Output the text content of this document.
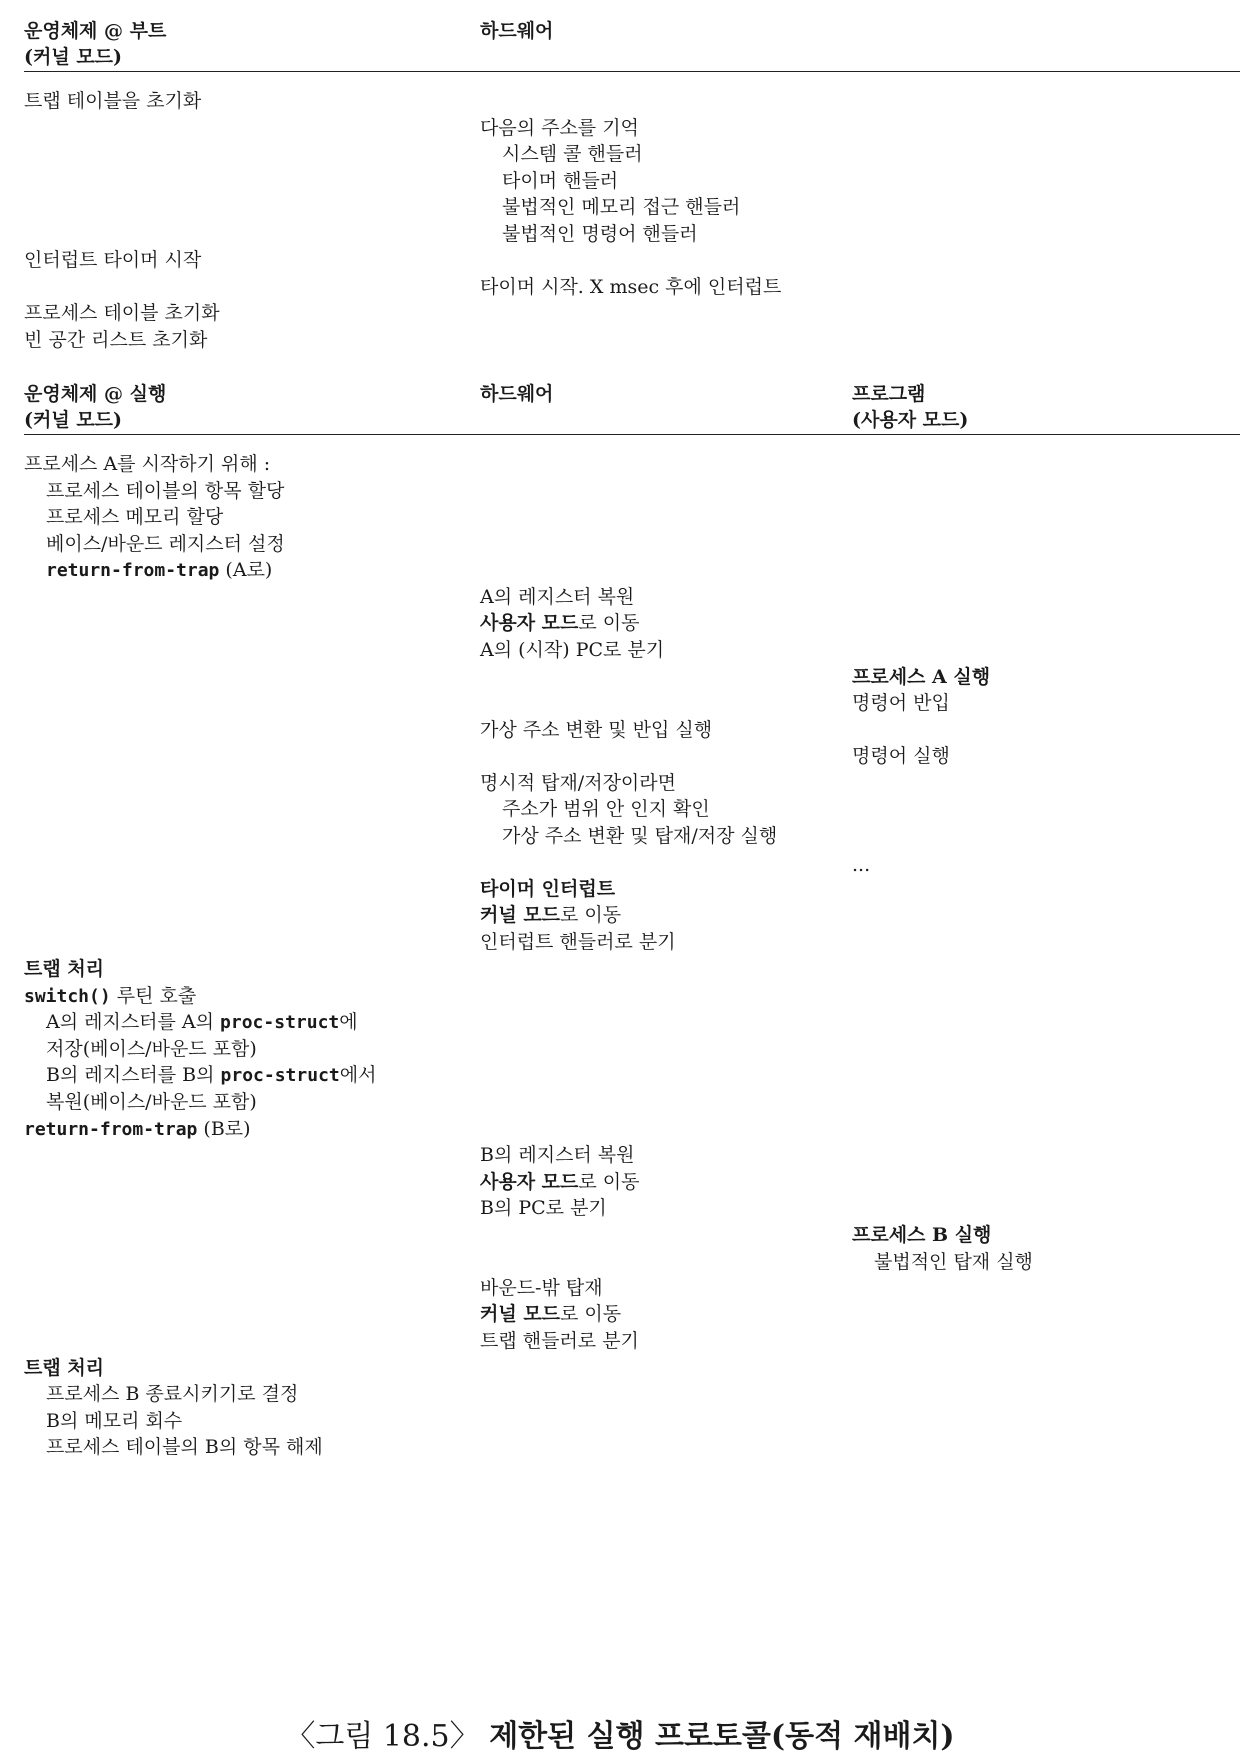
운영체제 @ 부트
(커널 모드)
하드웨어
트랩 테이블을 초기화
다음의 주소를 기억
시스템 콜 핸들러
타이머 핸들러
불법적인 메모리 접근 핸들러
불법적인 명령어 핸들러
인터럽트 타이머 시작
타이머 시작. X msec 후에 인터럽트
프로세스 테이블 초기화
빈 공간 리스트 초기화
운영체제 @ 실행
(커널 모드)
하드웨어	프로그램
(사용자 모드)
프로세스 A를 시작하기 위해 :
프로세스 테이블의 항목 할당
프로세스 메모리 할당
베이스/바운드 레지스터 설정
return-from-trap (A로)
A의 레지스터 복원
사용자 모드로 이동
A의 (시작) PC로 분기
프로세스 A 실행
명령어 반입
가상 주소 변환 및 반입 실행
명령어 실행
명시적 탑재/저장이라면
주소가 범위 안 인지 확인
가상 주소 변환 및 탑재/저장 실행
...
타이머 인터럽트
커널 모드로 이동
인터럽트 핸들러로 분기
트랩 처리
switch() 루틴 호출
A의 레지스터를 A의 proc-struct에
저장(베이스/바운드 포함)
B의 레지스터를 B의 proc-struct에서
복원(베이스/바운드 포함)
return-from-trap (B로)
B의 레지스터 복원
사용자 모드로 이동
B의 PC로 분기
프로세스 B 실행
불법적인 탑재 실행
바운드-밖 탑재
커널 모드로 이동
트랩 핸들러로 분기
트랩 처리
프로세스 B 종료시키기로 결정
B의 메모리 회수
프로세스 테이블의 B의 항목 해제
〈그림 18.5〉 제한된 실행 프로토콜(동적 재배치)
